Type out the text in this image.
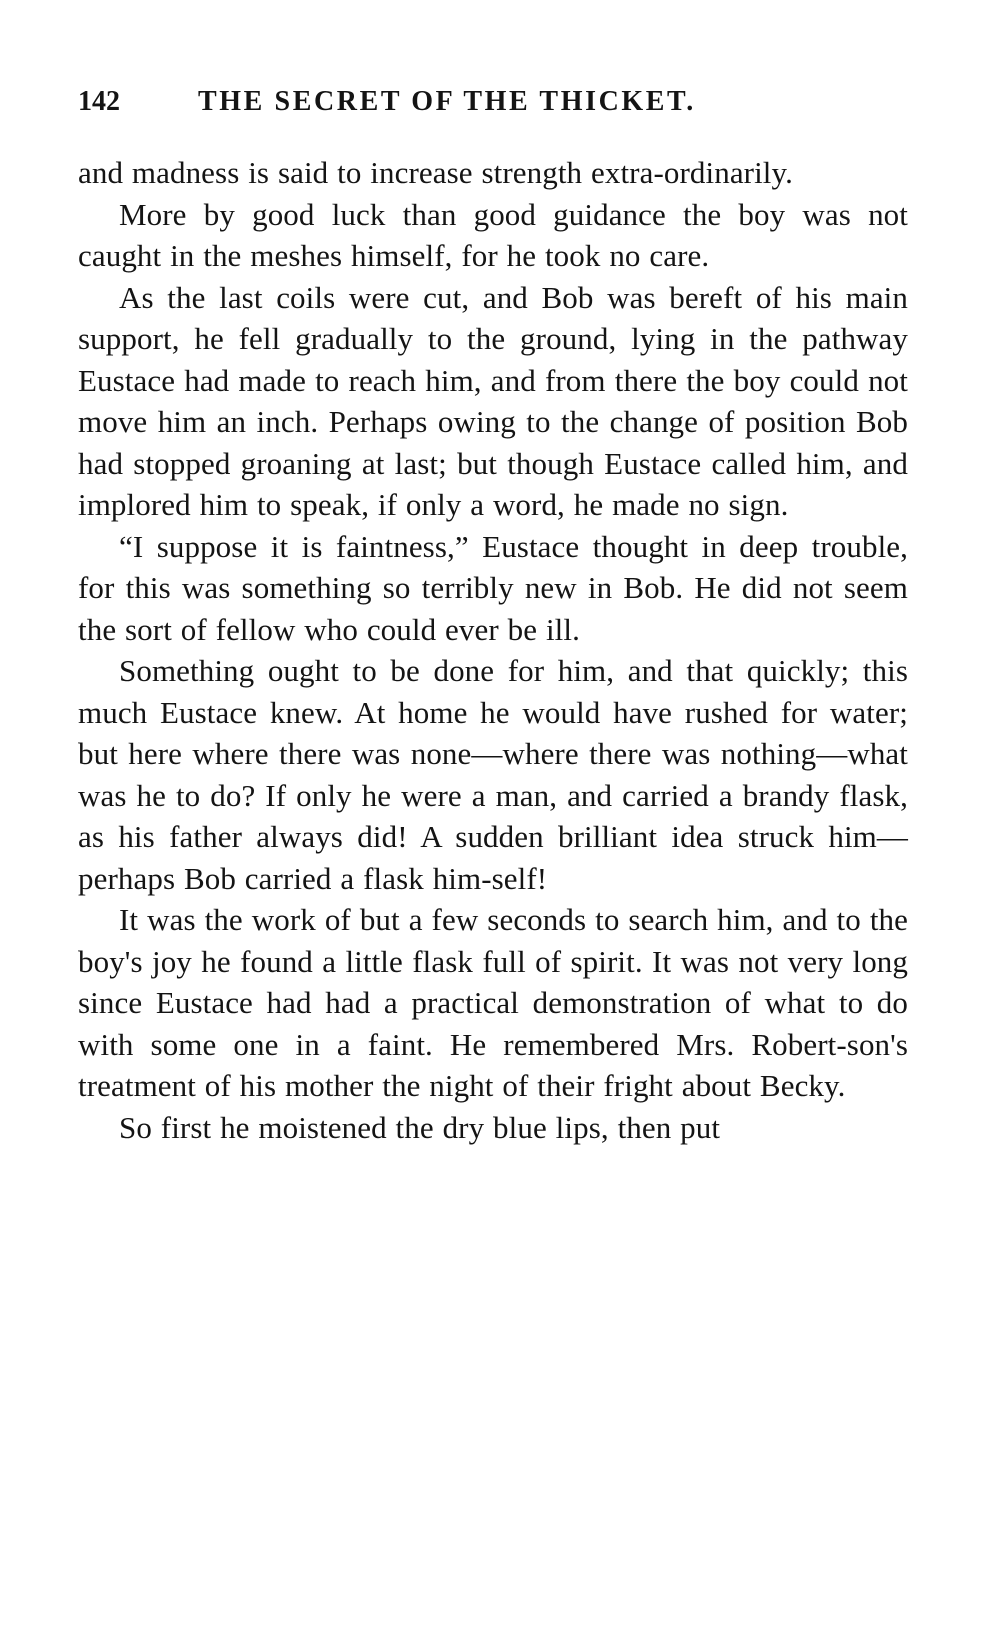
142	THE SECRET OF THE THICKET.

and madness is said to increase strength extra-ordinarily.

More by good luck than good guidance the boy was not caught in the meshes himself, for he took no care.

As the last coils were cut, and Bob was bereft of his main support, he fell gradually to the ground, lying in the pathway Eustace had made to reach him, and from there the boy could not move him an inch. Perhaps owing to the change of position Bob had stopped groaning at last; but though Eustace called him, and implored him to speak, if only a word, he made no sign.

“I suppose it is faintness,” Eustace thought in deep trouble, for this was something so terribly new in Bob. He did not seem the sort of fellow who could ever be ill.

Something ought to be done for him, and that quickly; this much Eustace knew. At home he would have rushed for water; but here where there was none—where there was nothing—what was he to do? If only he were a man, and carried a brandy flask, as his father always did! A sudden brilliant idea struck him—perhaps Bob carried a flask him-self!

It was the work of but a few seconds to search him, and to the boy's joy he found a little flask full of spirit. It was not very long since Eustace had had a practical demonstration of what to do with some one in a faint. He remembered Mrs. Robert-son's treatment of his mother the night of their fright about Becky.

So first he moistened the dry blue lips, then put
